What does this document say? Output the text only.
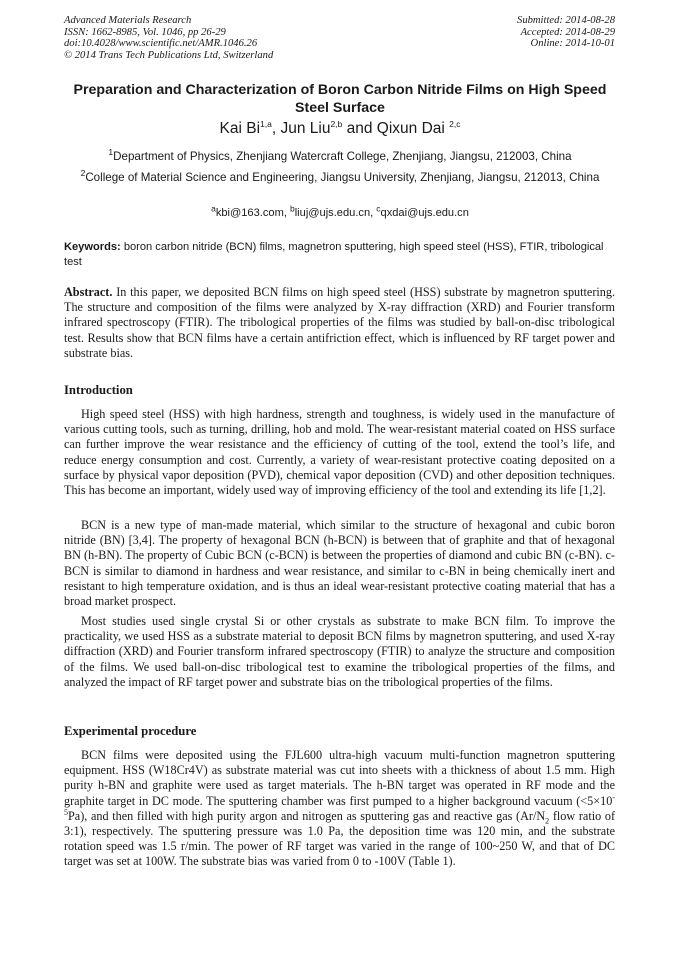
Advanced Materials Research
ISSN: 1662-8985, Vol. 1046, pp 26-29
doi:10.4028/www.scientific.net/AMR.1046.26
© 2014 Trans Tech Publications Ltd, Switzerland
Submitted: 2014-08-28
Accepted: 2014-08-29
Online: 2014-10-01
Preparation and Characterization of Boron Carbon Nitride Films on High Speed Steel Surface
Kai Bi$^{1,a}$, Jun Liu$^{2,b}$ and Qixun Dai $^{2,c}$
$^1$Department of Physics, Zhenjiang Watercraft College, Zhenjiang, Jiangsu, 212003, China
$^2$College of Material Science and Engineering, Jiangsu University, Zhenjiang, Jiangsu, 212013, China
$^a$kbi@163.com, $^b$liuj@ujs.edu.cn, $^c$qxdai@ujs.edu.cn
Keywords: boron carbon nitride (BCN) films, magnetron sputtering, high speed steel (HSS), FTIR, tribological test

Abstract. In this paper, we deposited BCN films on high speed steel (HSS) substrate by magnetron sputtering. The structure and composition of the films were analyzed by X-ray diffraction (XRD) and Fourier transform infrared spectroscopy (FTIR). The tribological properties of the films was studied by ball-on-disc tribological test. Results show that BCN films have a certain antifriction effect, which is influenced by RF target power and substrate bias.

Introduction

High speed steel (HSS) with high hardness, strength and toughness, is widely used in the manufacture of various cutting tools, such as turning, drilling, hob and mold. The wear-resistant material coated on HSS surface can further improve the wear resistance and the efficiency of cutting of the tool, extend the tool’s life, and reduce energy consumption and cost. Currently, a variety of wear-resistant protective coating deposited on a surface by physical vapor deposition (PVD), chemical vapor deposition (CVD) and other deposition techniques. This has become an important, widely used way of improving efficiency of the tool and extending its life [1,2].

BCN is a new type of man-made material, which similar to the structure of hexagonal and cubic boron nitride (BN) [3,4]. The property of hexagonal BCN (h-BCN) is between that of graphite and that of hexagonal BN (h-BN). The property of Cubic BCN (c-BCN) is between the properties of diamond and cubic BN (c-BN). c-BCN is similar to diamond in hardness and wear resistance, and similar to c-BN in being chemically inert and resistant to high temperature oxidation, and is thus an ideal wear-resistant protective coating material that has a broad market prospect.

Most studies used single crystal Si or other crystals as substrate to make BCN film. To improve the practicality, we used HSS as a substrate material to deposit BCN films by magnetron sputtering, and used X-ray diffraction (XRD) and Fourier transform infrared spectroscopy (FTIR) to analyze the structure and composition of the films. We used ball-on-disc tribological test to examine the tribological properties of the films, and analyzed the impact of RF target power and substrate bias on the tribological properties of the films.

Experimental procedure

BCN films were deposited using the FJL600 ultra-high vacuum multi-function magnetron sputtering equipment. HSS (W18Cr4V) as substrate material was cut into sheets with a thickness of about 1.5 mm. High purity h-BN and graphite were used as target materials. The h-BN target was operated in RF mode and the graphite target in DC mode. The sputtering chamber was first pumped to a higher background vacuum $(<5\times 10^{-5}Pa)$, and then filled with high purity argon and nitrogen as sputtering gas and reactive gas ($Ar/N_2$ flow ratio of 3:1), respectively. The sputtering pressure was 1.0 Pa, the deposition time was 120 min, and the substrate rotation speed was 1.5 r/min. The power of RF target was varied in the range of 100~250 W, and that of DC target was set at 100W. The substrate bias was varied from 0 to -100V (Table 1).
